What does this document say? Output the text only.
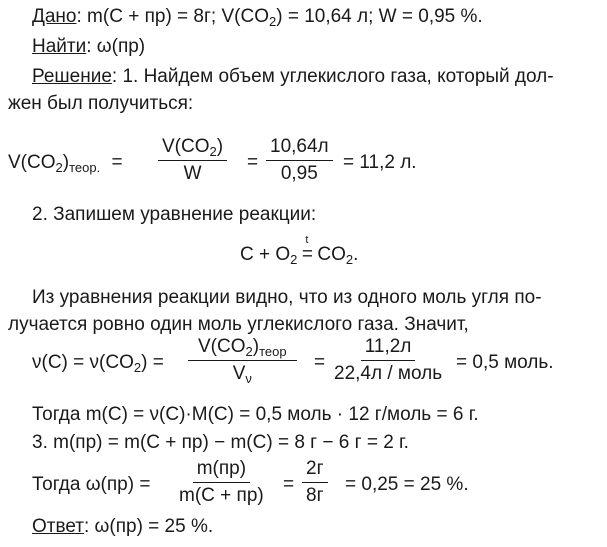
Дано: m(C + пр) = 8г; $V(CO_2) = 10,64$ л; W = 0,95 %.
Найти: ω(пр)
Решение: 1. Найдем объем углекислого газа, который дол-
жен был получиться:
$V(CO_2)_{теор.} = \frac{V(CO_2)}{W}$ =
10,64л
0,95
= 11,2 л.
2. Запишем уравнение реакции:
$C + O_2$
t
= $CO_2$.
Из уравнения реакции видно, что из одного моль угля по-
лучается ровно один моль углекислого газа. Значит,
$\nu(C) = \nu(CO_2)$ =
$V(CO_2)_{теор}$
$V_\nu$
=
11,2л
22,4л / моль
= 0,5 моль.
Тогда m(C) = ν(C)·M(C) = 0,5 моль · 12 г/моль = 6 г.
3. m(пр) = m(C + пр) − m(C) = 8 г − 6 г = 2 г.
Тогда ω(пр) =
m(пр)
m(C + пр)
=
2г
8г
= 0,25 = 25 %.
Ответ: ω(пр) = 25 %.
